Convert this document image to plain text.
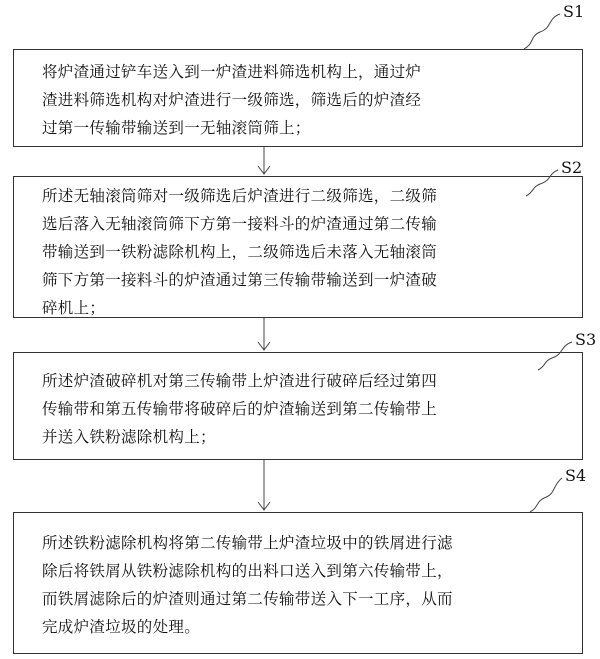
将炉渣通过铲车送入到一炉渣进料筛选机构上，通过炉
渣进料筛选机构对炉渣进行一级筛选，筛选后的炉渣经
过第一传输带输送到一无轴滚筒筛上；
所述无轴滚筒筛对一级筛选后炉渣进行二级筛选，二级筛
选后落入无轴滚筒筛下方第一接料斗的炉渣通过第二传输
带输送到一铁粉滤除机构上，二级筛选后未落入无轴滚筒
筛下方第一接料斗的炉渣通过第三传输带输送到一炉渣破
碎机上；
所述炉渣破碎机对第三传输带上炉渣进行破碎后经过第四
传输带和第五传输带将破碎后的炉渣输送到第二传输带上
并送入铁粉滤除机构上；
所述铁粉滤除机构将第二传输带上炉渣垃圾中的铁屑进行滤
除后将铁屑从铁粉滤除机构的出料口送入到第六传输带上，
而铁屑滤除后的炉渣则通过第二传输带送入下一工序，从而
完成炉渣垃圾的处理。
S1
S2
S3
S4
